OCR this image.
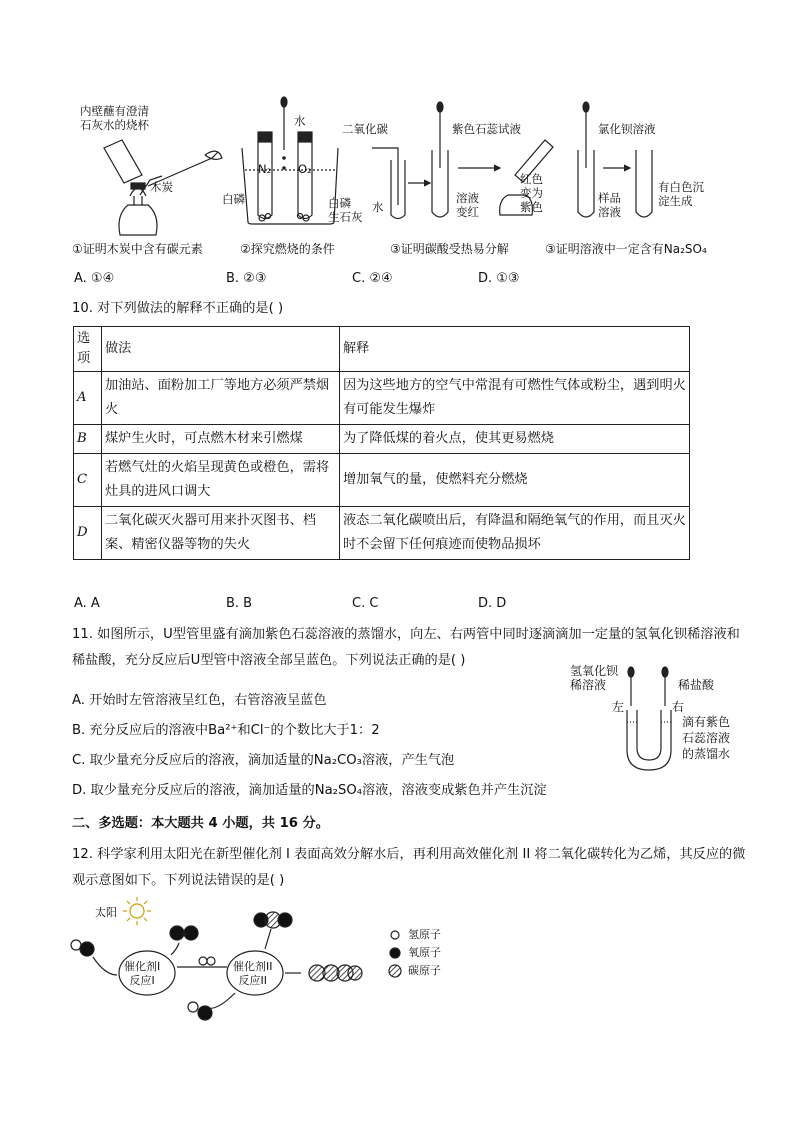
内壁蘸有澄清
石灰水的烧杯
木炭
水
N₂ O₂
白磷	白磷
生石灰
二氧化碳
水
紫色石蕊试液
溶液
变红
红色
变为
紫色
氯化钡溶液
样品
溶液
有白色沉
淀生成
①证明木炭中含有碳元素	②探究燃烧的条件	③证明碳酸受热易分解	③证明溶液中一定含有Na₂SO₄
A. ①④	B. ②③	C. ②④	D. ①③
10. 对下列做法的解释不正确的是( )
选
项	做法	解释
A	加油站、面粉加工厂等地方必须严禁烟火	因为这些地方的空气中常混有可燃性气体或粉尘，遇到明火有可能发生爆炸
B	煤炉生火时，可点燃木材来引燃煤	为了降低煤的着火点，使其更易燃烧
C	若燃气灶的火焰呈现黄色或橙色，需将灶具的进风口调大	增加氧气的量，使燃料充分燃烧
D	二氧化碳灭火器可用来扑灭图书、档案、精密仪器等物的失火	液态二氧化碳喷出后，有降温和隔绝氧气的作用，而且灭火时不会留下任何痕迹而使物品损坏
A. A	B. B	C. C	D. D
11. 如图所示，U型管里盛有滴加紫色石蕊溶液的蒸馏水，向左、右两管中同时逐滴滴加一定量的氢氧化钡稀溶液和稀盐酸，充分反应后U型管中溶液全部呈蓝色。下列说法正确的是( )
A. 开始时左管溶液呈红色，右管溶液呈蓝色
B. 充分反应后的溶液中Ba²⁺和Cl⁻的个数比大于1：2
C. 取少量充分反应后的溶液，滴加适量的Na₂CO₃溶液，产生气泡
D. 取少量充分反应后的溶液，滴加适量的Na₂SO₄溶液，溶液变成紫色并产生沉淀
氢氧化钡
稀溶液	稀盐酸
左	右
滴有紫色
石蕊溶液
的蒸馏水
二、多选题：本大题共 4 小题，共 16 分。
12. 科学家利用太阳光在新型催化剂 I 表面高效分解水后，再利用高效催化剂 II 将二氧化碳转化为乙烯，其反应的微观示意图如下。下列说法错误的是( )
太阳
催化剂I
反应I
催化剂II
反应II
氢原子
氧原子
碳原子
